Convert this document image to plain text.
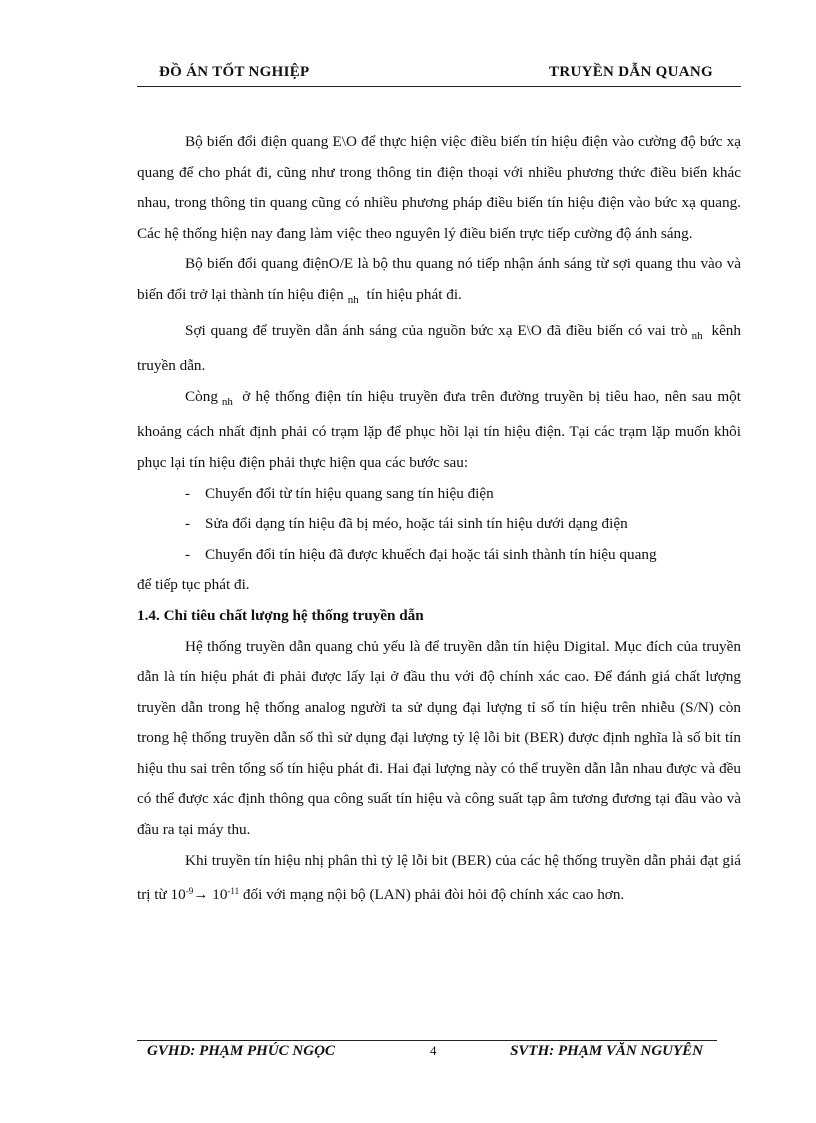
ĐỒ ÁN TỐT NGHIỆP	TRUYỀN DẪN QUANG

Bộ biến đổi điện quang E\O để thực hiện việc điều biến tín hiệu điện vào cường độ bức xạ quang để cho phát đi, cũng như trong thông tin điện thoại với nhiều phương thức điều biến khác nhau, trong thông tin quang cũng có nhiều phương pháp điều biến tín hiệu điện vào bức xạ quang. Các hệ thống hiện nay đang làm việc theo nguyên lý điều biến trực tiếp cường độ ánh sáng.

Bộ biến đổi quang điệnO/E là bộ thu quang nó tiếp nhận ánh sáng từ sợi quang thu vào và biến đổi trở lại thành tín hiệu điện $_{nh}$ tín hiệu phát đi.

Sợi quang để truyền dẫn ánh sáng của nguồn bức xạ E\O đã điều biến có vai trò $_{nh}$ kênh truyền dẫn.

Còng $_{nh}$ ở hệ thống điện tín hiệu truyền đưa trên đường truyền bị tiêu hao, nên sau một khoảng cách nhất định phải có trạm lặp để phục hồi lại tín hiệu điện. Tại các trạm lặp muốn khôi phục lại tín hiệu điện phải thực hiện qua các bước sau:

- Chuyển đổi từ tín hiệu quang sang tín hiệu điện

- Sửa đổi dạng tín hiệu đã bị méo, hoặc tái sinh tín hiệu dưới dạng điện

- Chuyển đổi tín hiệu đã được khuếch đại hoặc tái sinh thành tín hiệu quang

để tiếp tục phát đi.

1.4. Chỉ tiêu chất lượng hệ thống truyền dẫn

Hệ thống truyền dẫn quang chủ yếu là để truyền dẫn tín hiệu Digital. Mục đích của truyền dẫn là tín hiệu phát đi phải được lấy lại ở đầu thu với độ chính xác cao. Để đánh giá chất lượng truyền dẫn trong hệ thống analog người ta sử dụng đại lượng tỉ số tín hiệu trên nhiễu (S/N) còn trong hệ thống truyền dẫn số thì sử dụng đại lượng tỷ lệ lỗi bit (BER) được định nghĩa là số bit tín hiệu thu sai trên tổng số tín hiệu phát đi. Hai đại lượng này có thể truyền dẫn lẫn nhau được và đều có thể được xác định thông qua công suất tín hiệu và công suất tạp âm tương đương tại đầu vào và đầu ra tại máy thu.

Khi truyền tín hiệu nhị phân thì tỷ lệ lỗi bit (BER) của các hệ thống truyền dẫn phải đạt giá trị từ $10^{-9}\to 10^{-11}$ đối với mạng nội bộ (LAN) phải đòi hỏi độ chính xác cao hơn.

GVHD: PHẠM PHÚC NGỌC	4	SVTH: PHẠM VĂN NGUYÊN
